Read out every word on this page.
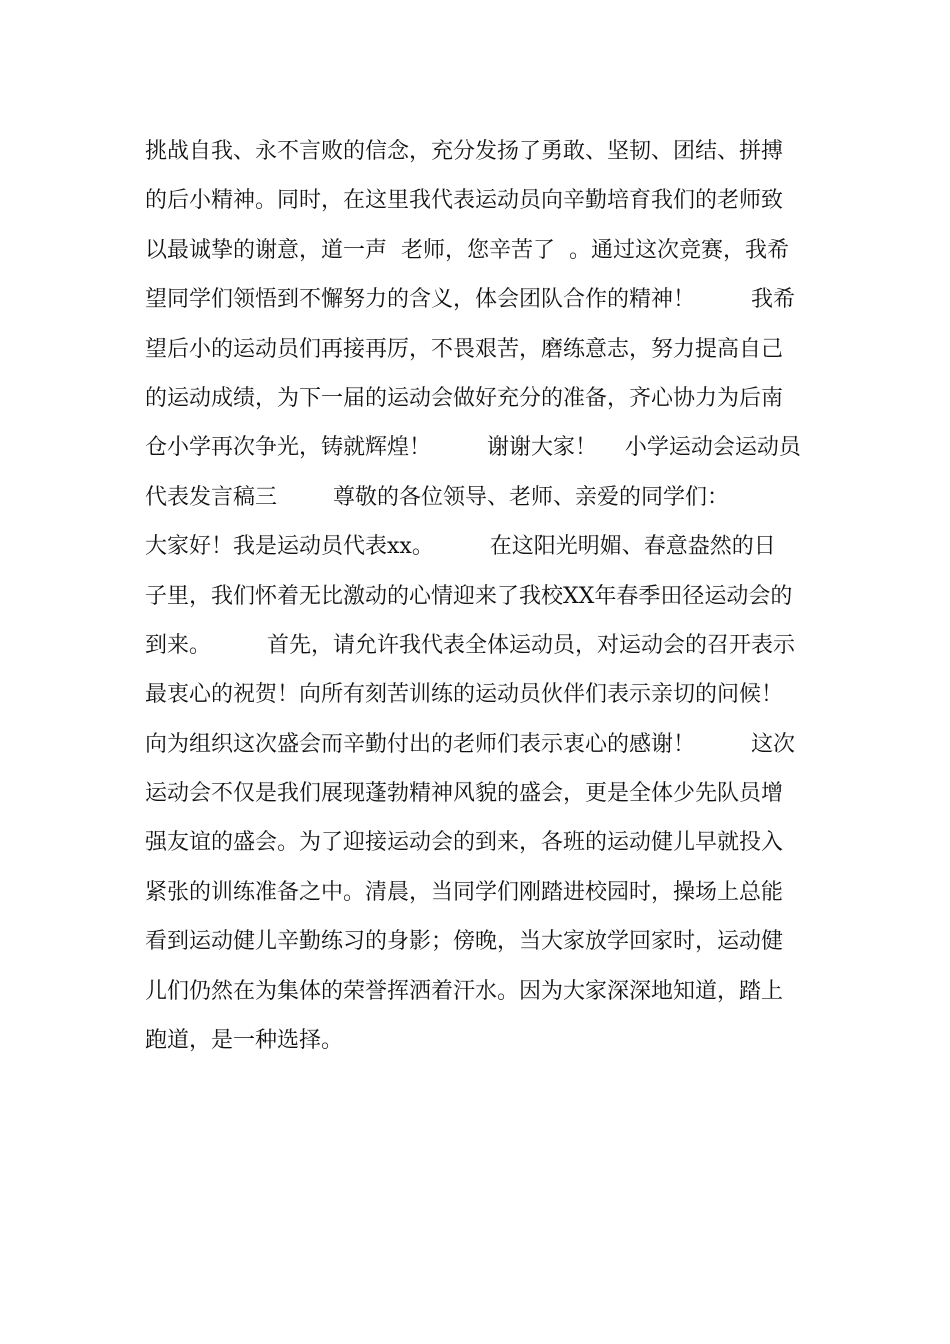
挑战自我、永不言败的信念，充分发扬了勇敢、坚韧、团结、拼搏
的后小精神。同时，在这里我代表运动员向辛勤培育我们的老师致
以最诚挚的谢意，道一声  老师，您辛苦了  。通过这次竞赛，我希
望同学们领悟到不懈努力的含义，体会团队合作的精神！        我希
望后小的运动员们再接再厉，不畏艰苦，磨练意志，努力提高自己
的运动成绩，为下一届的运动会做好充分的准备，齐心协力为后南
仓小学再次争光，铸就辉煌！        谢谢大家！    小学运动会运动员
代表发言稿三        尊敬的各位领导、老师、亲爱的同学们：
大家好！我是运动员代表xx。        在这阳光明媚、春意盎然的日
子里，我们怀着无比激动的心情迎来了我校XX年春季田径运动会的
到来。        首先，请允许我代表全体运动员，对运动会的召开表示
最衷心的祝贺！向所有刻苦训练的运动员伙伴们表示亲切的问候！
向为组织这次盛会而辛勤付出的老师们表示衷心的感谢！        这次
运动会不仅是我们展现蓬勃精神风貌的盛会，更是全体少先队员增
强友谊的盛会。为了迎接运动会的到来，各班的运动健儿早就投入
紧张的训练准备之中。清晨，当同学们刚踏进校园时，操场上总能
看到运动健儿辛勤练习的身影；傍晚，当大家放学回家时，运动健
儿们仍然在为集体的荣誉挥洒着汗水。因为大家深深地知道，踏上
跑道，是一种选择。
